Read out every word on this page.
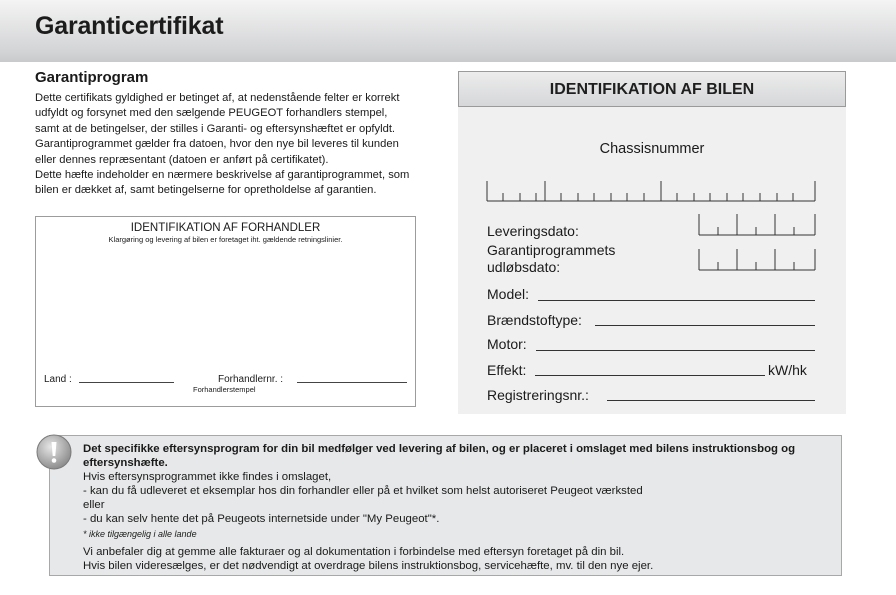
Garanticertifikat
Garantiprogram

Dette certifikats gyldighed er betinget af, at nedenstående felter er korrekt

udfyldt og forsynet med den sælgende PEUGEOT forhandlers stempel,

samt at de betingelser, der stilles i Garanti- og eftersynshæftet er opfyldt.

Garantiprogrammet gælder fra datoen, hvor den nye bil leveres til kunden

eller dennes repræsentant (datoen er anført på certifikatet).

Dette hæfte indeholder en nærmere beskrivelse af garantiprogrammet, som

bilen er dækket af, samt betingelserne for opretholdelse af garantien.

IDENTIFIKATION AF FORHANDLER
Klargøring og levering af bilen er foretaget iht. gældende retningslinier.
Land :	Forhandlernr. :
Forhandlerstempel
IDENTIFIKATION AF BILEN
Chassisnummer
Leveringsdato:
Garantiprogrammets
udløbsdato:
Model:
Brændstoftype:
Motor:
Effekt:	kW/hk
Registreringsnr.:

Det specifikke eftersynsprogram for din bil medfølger ved levering af bilen, og er placeret i omslaget med bilens instruktionsbog og eftersynshæfte.

Hvis eftersynsprogrammet ikke findes i omslaget,

- kan du få udleveret et eksemplar hos din forhandler eller på et hvilket som helst autoriseret Peugeot værksted

eller

- du kan selv hente det på Peugeots internetside under "My Peugeot"*.

* ikke tilgængelig i alle lande

Vi anbefaler dig at gemme alle fakturaer og al dokumentation i forbindelse med eftersyn foretaget på din bil.

Hvis bilen videresælges, er det nødvendigt at overdrage bilens instruktionsbog, servicehæfte, mv. til den nye ejer.
